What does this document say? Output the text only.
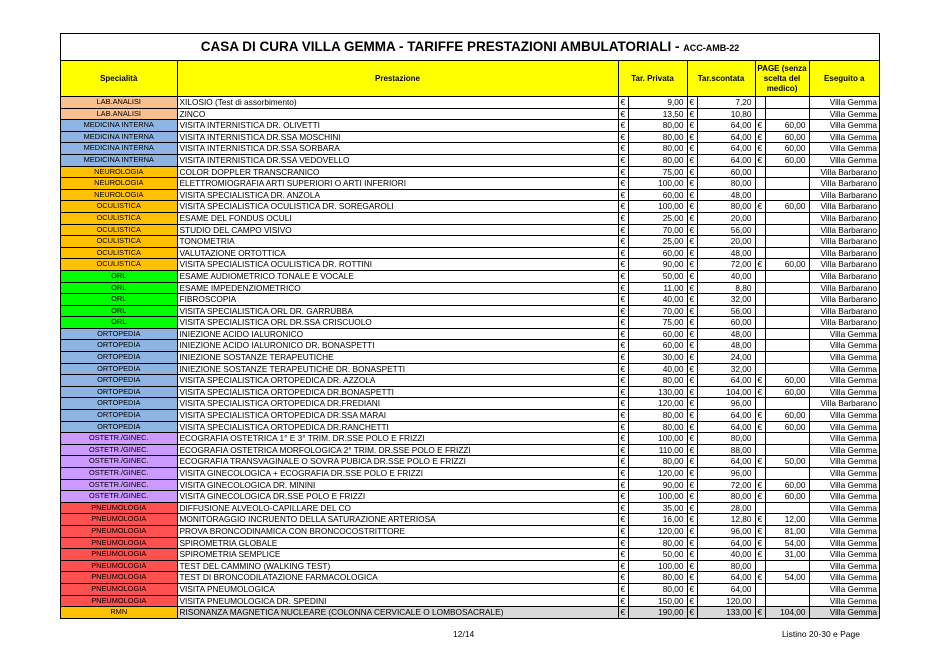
CASA DI CURA VILLA GEMMA - TARIFFE PRESTAZIONI AMBULATORIALI - ACC-AMB-22
Specialità	Prestazione	Tar. Privata		Tar.scontata		PAGE (senza scelta del medico)		Eseguito a
LAB.ANALISI	XILOSIO (Test di assorbimento)	€	9,00	€	7,20			Villa Gemma
LAB.ANALISI	ZINCO	€	13,50	€	10,80			Villa Gemma
MEDICINA INTERNA	VISITA INTERNISTICA DR. OLIVETTI	€	80,00	€	64,00	€	60,00	Villa Gemma
MEDICINA INTERNA	VISITA INTERNISTICA DR.SSA MOSCHINI	€	80,00	€	64,00	€	60,00	Villa Gemma
MEDICINA INTERNA	VISITA INTERNISTICA DR.SSA SORBARA	€	80,00	€	64,00	€	60,00	Villa Gemma
MEDICINA INTERNA	VISITA INTERNISTICA DR.SSA VEDOVELLO	€	80,00	€	64,00	€	60,00	Villa Gemma
NEUROLOGIA	COLOR DOPPLER TRANSCRANICO	€	75,00	€	60,00			Villa Barbarano
NEUROLOGIA	ELETTROMIOGRAFIA ARTI SUPERIORI O ARTI INFERIORI	€	100,00	€	80,00			Villa Barbarano
NEUROLOGIA	VISITA SPECIALISTICA DR. ANZOLA	€	60,00	€	48,00			Villa Barbarano
OCULISTICA	VISITA SPECIALISTICA OCULISTICA DR. SOREGAROLI	€	100,00	€	80,00	€	60,00	Villa Barbarano
OCULISTICA	ESAME DEL FONDUS OCULI	€	25,00	€	20,00			Villa Barbarano
OCULISTICA	STUDIO DEL CAMPO VISIVO	€	70,00	€	56,00			Villa Barbarano
OCULISTICA	TONOMETRIA	€	25,00	€	20,00			Villa Barbarano
OCULISTICA	VALUTAZIONE ORTOTTICA	€	60,00	€	48,00			Villa Barbarano
OCULISTICA	VISITA SPECIALISTICA OCULISTICA DR. ROTTINI	€	90,00	€	72,00	€	60,00	Villa Barbarano
ORL	ESAME AUDIOMETRICO TONALE E VOCALE	€	50,00	€	40,00			Villa Barbarano
ORL	ESAME IMPEDENZIOMETRICO	€	11,00	€	8,80			Villa Barbarano
ORL	FIBROSCOPIA	€	40,00	€	32,00			Villa Barbarano
ORL	VISITA SPECIALISTICA ORL DR. GARRUBBA	€	70,00	€	56,00			Villa Barbarano
ORL	VISITA SPECIALISTICA ORL DR.SSA CRISCUOLO	€	75,00	€	60,00			Villa Barbarano
ORTOPEDIA	INIEZIONE ACIDO IALURONICO	€	60,00	€	48,00			Villa Gemma
ORTOPEDIA	INIEZIONE ACIDO IALURONICO DR. BONASPETTI	€	60,00	€	48,00			Villa Gemma
ORTOPEDIA	INIEZIONE SOSTANZE TERAPEUTICHE	€	30,00	€	24,00			Villa Gemma
ORTOPEDIA	INIEZIONE SOSTANZE TERAPEUTICHE DR. BONASPETTI	€	40,00	€	32,00			Villa Gemma
ORTOPEDIA	VISITA SPECIALISTICA ORTOPEDICA DR. AZZOLA	€	80,00	€	64,00	€	60,00	Villa Gemma
ORTOPEDIA	VISITA SPECIALISTICA ORTOPEDICA DR.BONASPETTI	€	130,00	€	104,00	€	60,00	Villa Gemma
ORTOPEDIA	VISITA SPECIALISTICA ORTOPEDICA DR.FREDIANI	€	120,00	€	96,00			Villa Barbarano
ORTOPEDIA	VISITA SPECIALISTICA ORTOPEDICA DR.SSA MARAI	€	80,00	€	64,00	€	60,00	Villa Gemma
ORTOPEDIA	VISITA SPECIALISTICA ORTOPEDICA DR.RANCHETTI	€	80,00	€	64,00	€	60,00	Villa Gemma
OSTETR./GINEC.	ECOGRAFIA OSTETRICA 1° E 3° TRIM. DR.SSE POLO E FRIZZI	€	100,00	€	80,00			Villa Gemma
OSTETR./GINEC.	ECOGRAFIA OSTETRICA MORFOLOGICA 2° TRIM. DR.SSE POLO E FRIZZI	€	110,00	€	88,00			Villa Gemma
OSTETR./GINEC.	ECOGRAFIA TRANSVAGINALE O SOVRA PUBICA DR.SSE POLO E FRIZZI	€	80,00	€	64,00	€	50,00	Villa Gemma
OSTETR./GINEC.	VISITA GINECOLOGICA + ECOGRAFIA DR.SSE POLO E FRIZZI	€	120,00	€	96,00			Villa Gemma
OSTETR./GINEC.	VISITA GINECOLOGICA DR. MININI	€	90,00	€	72,00	€	60,00	Villa Gemma
OSTETR./GINEC.	VISITA GINECOLOGICA DR.SSE POLO E FRIZZI	€	100,00	€	80,00	€	60,00	Villa Gemma
PNEUMOLOGIA	DIFFUSIONE ALVEOLO-CAPILLARE DEL CO	€	35,00	€	28,00			Villa Gemma
PNEUMOLOGIA	MONITORAGGIO INCRUENTO DELLA SATURAZIONE ARTERIOSA	€	16,00	€	12,80	€	12,00	Villa Gemma
PNEUMOLOGIA	PROVA BRONCODINAMICA CON BRONCOCOSTRITTORE	€	120,00	€	96,00	€	81,00	Villa Gemma
PNEUMOLOGIA	SPIROMETRIA GLOBALE	€	80,00	€	64,00	€	54,00	Villa Gemma
PNEUMOLOGIA	SPIROMETRIA SEMPLICE	€	50,00	€	40,00	€	31,00	Villa Gemma
PNEUMOLOGIA	TEST DEL CAMMINO (WALKING TEST)	€	100,00	€	80,00			Villa Gemma
PNEUMOLOGIA	TEST DI BRONCODILATAZIONE FARMACOLOGICA	€	80,00	€	64,00	€	54,00	Villa Gemma
PNEUMOLOGIA	VISITA PNEUMOLOGICA	€	80,00	€	64,00			Villa Gemma
PNEUMOLOGIA	VISITA PNEUMOLOGICA DR. SPEDINI	€	150,00	€	120,00			Villa Gemma
RMN	RISONANZA MAGNETICA NUCLEARE (COLONNA CERVICALE O LOMBOSACRALE)	€	190,00	€	133,00	€	104,00	Villa Gemma
12/14	Listino 20-30 e Page
